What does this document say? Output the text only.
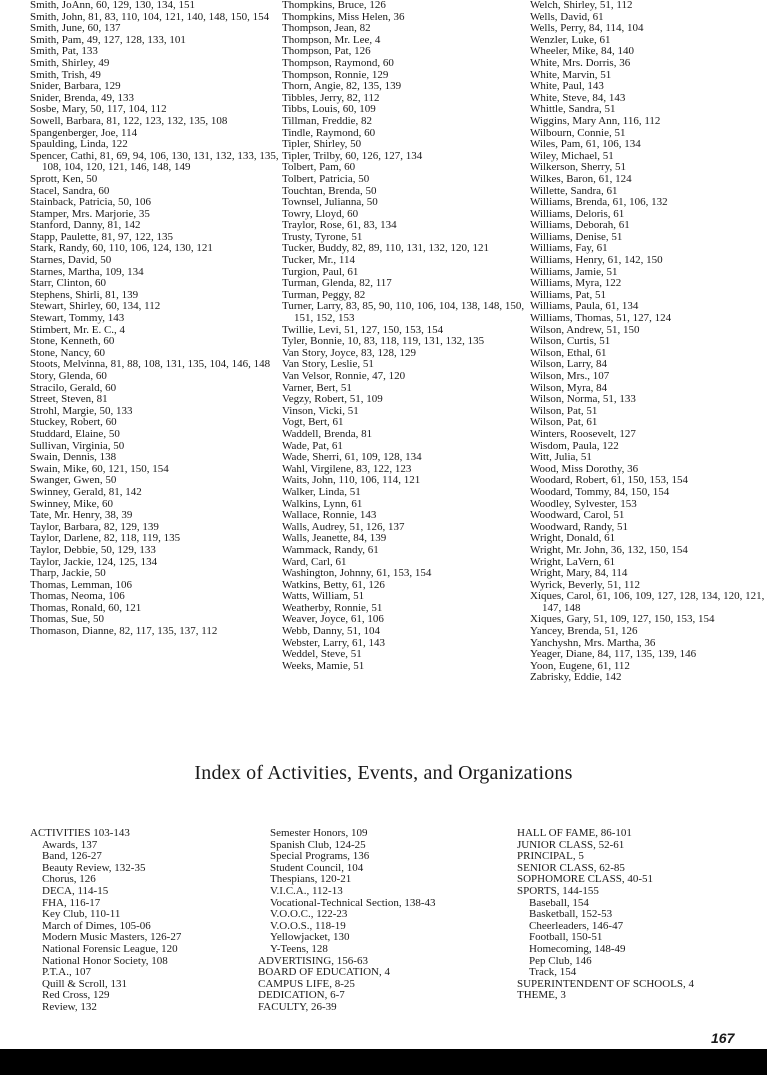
Smith, JoAnn, 60, 129, 130, 134, 151
Smith, John, 81, 83, 110, 104, 121, 140, 148, 150, 154
Smith, June, 60, 137
Smith, Pam, 49, 127, 128, 133, 101
Smith, Pat, 133
Smith, Shirley, 49
Smith, Trish, 49
Snider, Barbara, 129
Snider, Brenda, 49, 133
Sosbe, Mary, 50, 117, 104, 112
Sowell, Barbara, 81, 122, 123, 132, 135, 108
Spangenberger, Joe, 114
Spaulding, Linda, 122
Spencer, Cathi, 81, 69, 94, 106, 130, 131, 132, 133, 135, 108, 104, 120, 121, 146, 148, 149
Sprott, Ken, 50
Stacel, Sandra, 60
Stainback, Patricia, 50, 106
Stamper, Mrs. Marjorie, 35
Stanford, Danny, 81, 142
Stapp, Paulette, 81, 97, 122, 135
Stark, Randy, 60, 110, 106, 124, 130, 121
Starnes, David, 50
Starnes, Martha, 109, 134
Starr, Clinton, 60
Stephens, Shirli, 81, 139
Stewart, Shirley, 60, 134, 112
Stewart, Tommy, 143
Stimbert, Mr. E. C., 4
Stone, Kenneth, 60
Stone, Nancy, 60
Stoots, Melvinna, 81, 88, 108, 131, 135, 104, 146, 148
Story, Glenda, 60
Stracilo, Gerald, 60
Street, Steven, 81
Strohl, Margie, 50, 133
Stuckey, Robert, 60
Studdard, Elaine, 50
Sullivan, Virginia, 50
Swain, Dennis, 138
Swain, Mike, 60, 121, 150, 154
Swanger, Gwen, 50
Swinney, Gerald, 81, 142
Swinney, Mike, 60
Tate, Mr. Henry, 38, 39
Taylor, Barbara, 82, 129, 139
Taylor, Darlene, 82, 118, 119, 135
Taylor, Debbie, 50, 129, 133
Taylor, Jackie, 124, 125, 134
Tharp, Jackie, 50
Thomas, Lemman, 106
Thomas, Neoma, 106
Thomas, Ronald, 60, 121
Thomas, Sue, 50
Thomason, Dianne, 82, 117, 135, 137, 112
Thompkins, Bruce, 126
Thompkins, Miss Helen, 36
Thompson, Jean, 82
Thompson, Mr. Lee, 4
Thompson, Pat, 126
Thompson, Raymond, 60
Thompson, Ronnie, 129
Thorn, Angie, 82, 135, 139
Tibbles, Jerry, 82, 112
Tibbs, Louis, 60, 109
Tillman, Freddie, 82
Tindle, Raymond, 60
Tipler, Shirley, 50
Tipler, Trilby, 60, 126, 127, 134
Tolbert, Pam, 60
Tolbert, Patricia, 50
Touchtan, Brenda, 50
Townsel, Julianna, 50
Towry, Lloyd, 60
Traylor, Rose, 61, 83, 134
Trusty, Tyrone, 51
Tucker, Buddy, 82, 89, 110, 131, 132, 120, 121
Tucker, Mr., 114
Turgion, Paul, 61
Turman, Glenda, 82, 117
Turman, Peggy, 82
Turner, Larry, 83, 85, 90, 110, 106, 104, 138, 148, 150, 151, 152, 153
Twillie, Levi, 51, 127, 150, 153, 154
Tyler, Bonnie, 10, 83, 118, 119, 131, 132, 135
Van Story, Joyce, 83, 128, 129
Van Story, Leslie, 51
Van Velsor, Ronnie, 47, 120
Varner, Bert, 51
Vegzy, Robert, 51, 109
Vinson, Vicki, 51
Vogt, Bert, 61
Waddell, Brenda, 81
Wade, Pat, 61
Wade, Sherri, 61, 109, 128, 134
Wahl, Virgilene, 83, 122, 123
Waits, John, 110, 106, 114, 121
Walker, Linda, 51
Walkins, Lynn, 61
Wallace, Ronnie, 143
Walls, Audrey, 51, 126, 137
Walls, Jeanette, 84, 139
Wammack, Randy, 61
Ward, Carl, 61
Washington, Johnny, 61, 153, 154
Watkins, Betty, 61, 126
Watts, William, 51
Weatherby, Ronnie, 51
Weaver, Joyce, 61, 106
Webb, Danny, 51, 104
Webster, Larry, 61, 143
Weddel, Steve, 51
Weeks, Mamie, 51
Welch, Shirley, 51, 112
Wells, David, 61
Wells, Perry, 84, 114, 104
Wenzler, Luke, 61
Wheeler, Mike, 84, 140
White, Mrs. Dorris, 36
White, Marvin, 51
White, Paul, 143
White, Steve, 84, 143
Whittle, Sandra, 51
Wiggins, Mary Ann, 116, 112
Wilbourn, Connie, 51
Wiles, Pam, 61, 106, 134
Wiley, Michael, 51
Wilkerson, Sherry, 51
Wilkes, Baron, 61, 124
Willette, Sandra, 61
Williams, Brenda, 61, 106, 132
Williams, Deloris, 61
Williams, Deborah, 61
Williams, Denise, 51
Williams, Fay, 61
Williams, Henry, 61, 142, 150
Williams, Jamie, 51
Williams, Myra, 122
Williams, Pat, 51
Williams, Paula, 61, 134
Williams, Thomas, 51, 127, 124
Wilson, Andrew, 51, 150
Wilson, Curtis, 51
Wilson, Ethal, 61
Wilson, Larry, 84
Wilson, Mrs., 107
Wilson, Myra, 84
Wilson, Norma, 51, 133
Wilson, Pat, 51
Wilson, Pat, 61
Winters, Roosevelt, 127
Wisdom, Paula, 122
Witt, Julia, 51
Wood, Miss Dorothy, 36
Woodard, Robert, 61, 150, 153, 154
Woodard, Tommy, 84, 150, 154
Woodley, Sylvester, 153
Woodward, Carol, 51
Woodward, Randy, 51
Wright, Donald, 61
Wright, Mr. John, 36, 132, 150, 154
Wright, LaVern, 61
Wright, Mary, 84, 114
Wyrick, Beverly, 51, 112
Xiques, Carol, 61, 106, 109, 127, 128, 134, 120, 121, 147, 148
Xiques, Gary, 51, 109, 127, 150, 153, 154
Yancey, Brenda, 51, 126
Yanchyshn, Mrs. Martha, 36
Yeager, Diane, 84, 117, 135, 139, 146
Yoon, Eugene, 61, 112
Zabrisky, Eddie, 142
Index of Activities, Events, and Organizations
ACTIVITIES 103-143
Awards, 137
Band, 126-27
Beauty Review, 132-35
Chorus, 126
DECA, 114-15
FHA, 116-17
Key Club, 110-11
March of Dimes, 105-06
Modern Music Masters, 126-27
National Forensic League, 120
National Honor Society, 108
P.T.A., 107
Quill & Scroll, 131
Red Cross, 129
Review, 132
Semester Honors, 109
Spanish Club, 124-25
Special Programs, 136
Student Council, 104
Thespians, 120-21
V.I.C.A., 112-13
Vocational-Technical Section, 138-43
V.O.O.C., 122-23
V.O.O.S., 118-19
Yellowjacket, 130
Y-Teens, 128
ADVERTISING, 156-63
BOARD OF EDUCATION, 4
CAMPUS LIFE, 8-25
DEDICATION, 6-7
FACULTY, 26-39
HALL OF FAME, 86-101
JUNIOR CLASS, 52-61
PRINCIPAL, 5
SENIOR CLASS, 62-85
SOPHOMORE CLASS, 40-51
SPORTS, 144-155
Baseball, 154
Basketball, 152-53
Cheerleaders, 146-47
Football, 150-51
Homecoming, 148-49
Pep Club, 146
Track, 154
SUPERINTENDENT OF SCHOOLS, 4
THEME, 3
167
